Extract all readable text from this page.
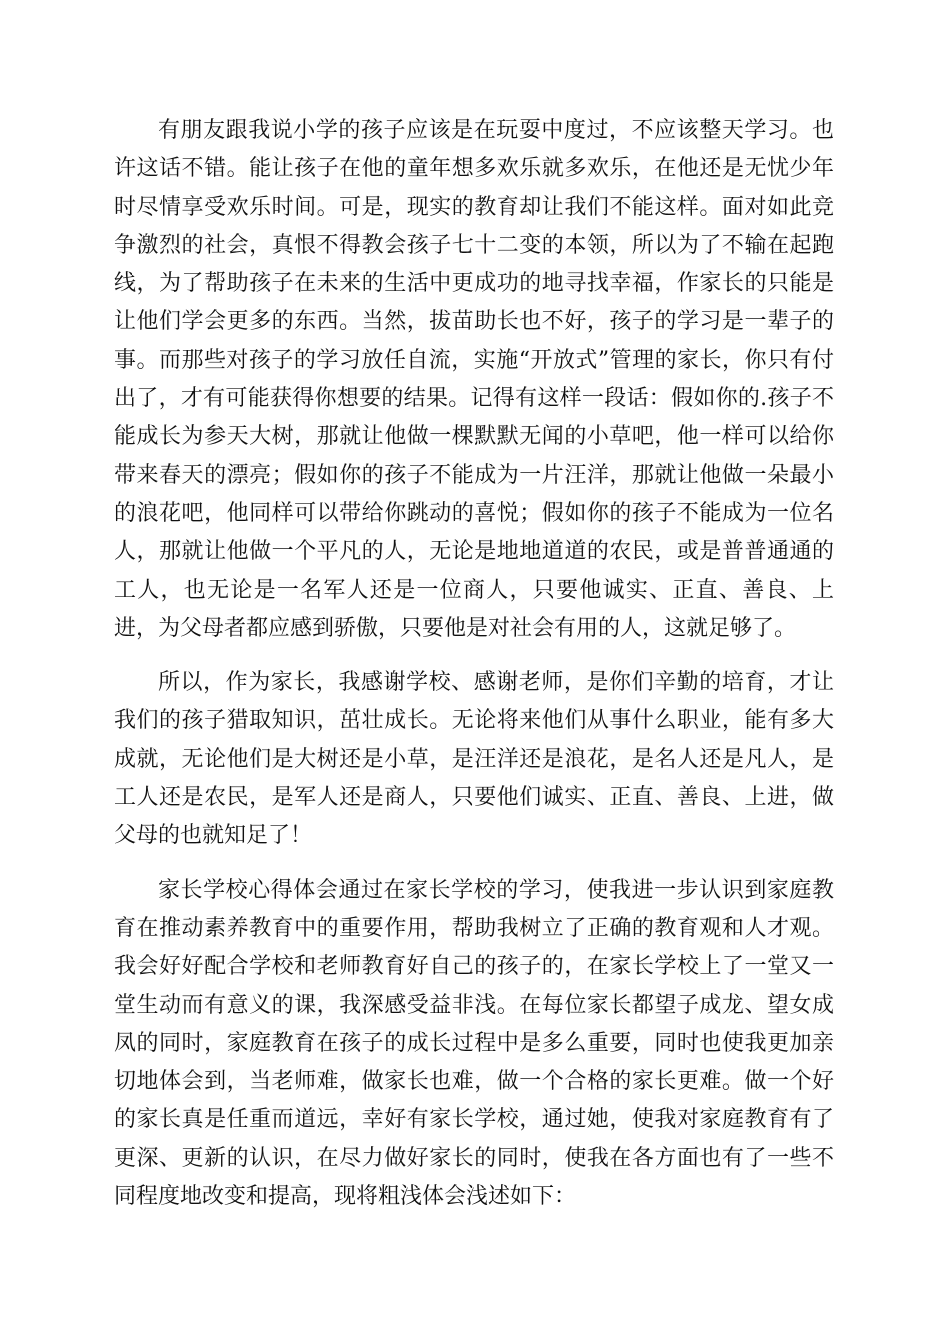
有朋友跟我说小学的孩子应该是在玩耍中度过，不应该整天学习。也许这话不错。能让孩子在他的童年想多欢乐就多欢乐，在他还是无忧少年时尽情享受欢乐时间。可是，现实的教育却让我们不能这样。面对如此竞争激烈的社会，真恨不得教会孩子七十二变的本领，所以为了不输在起跑线，为了帮助孩子在未来的生活中更成功的地寻找幸福，作家长的只能是让他们学会更多的东西。当然，拔苗助长也不好，孩子的学习是一辈子的事。而那些对孩子的学习放任自流，实施“开放式”管理的家长，你只有付出了，才有可能获得你想要的结果。记得有这样一段话：假如你的.孩子不能成长为参天大树，那就让他做一棵默默无闻的小草吧，他一样可以给你带来春天的漂亮；假如你的孩子不能成为一片汪洋，那就让他做一朵最小的浪花吧，他同样可以带给你跳动的喜悦；假如你的孩子不能成为一位名人，那就让他做一个平凡的人，无论是地地道道的农民，或是普普通通的工人，也无论是一名军人还是一位商人，只要他诚实、正直、善良、上进，为父母者都应感到骄傲，只要他是对社会有用的人，这就足够了。

所以，作为家长，我感谢学校、感谢老师，是你们辛勤的培育，才让我们的孩子猎取知识，茁壮成长。无论将来他们从事什么职业，能有多大成就，无论他们是大树还是小草，是汪洋还是浪花，是名人还是凡人，是工人还是农民，是军人还是商人，只要他们诚实、正直、善良、上进，做父母的也就知足了！

家长学校心得体会通过在家长学校的学习，使我进一步认识到家庭教育在推动素养教育中的重要作用，帮助我树立了正确的教育观和人才观。我会好好配合学校和老师教育好自己的孩子的，在家长学校上了一堂又一堂生动而有意义的课，我深感受益非浅。在每位家长都望子成龙、望女成凤的同时，家庭教育在孩子的成长过程中是多么重要，同时也使我更加亲切地体会到，当老师难，做家长也难，做一个合格的家长更难。做一个好的家长真是任重而道远，幸好有家长学校，通过她，使我对家庭教育有了更深、更新的认识，在尽力做好家长的同时，使我在各方面也有了一些不同程度地改变和提高，现将粗浅体会浅述如下：
